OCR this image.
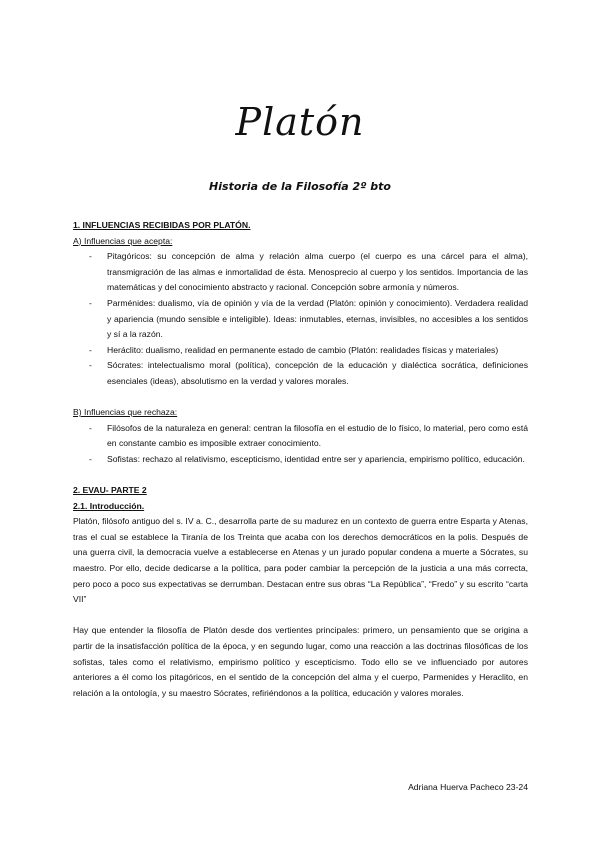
Platón
Historia de la Filosofía 2º bto
1. INFLUENCIAS RECIBIDAS POR PLATÓN.
A) Influencias que acepta:
- Pitagóricos: su concepción de alma y relación alma cuerpo (el cuerpo es una cárcel para el alma), transmigración de las almas e inmortalidad de ésta. Menosprecio al cuerpo y los sentidos. Importancia de las matemáticas y del conocimiento abstracto y racional. Concepción sobre armonía y números.
- Parménides: dualismo, vía de opinión y vía de la verdad (Platón: opinión y conocimiento). Verdadera realidad y apariencia (mundo sensible e inteligible). Ideas: inmutables, eternas, invisibles, no accesibles a los sentidos y sí a la razón.
- Heráclito: dualismo, realidad en permanente estado de cambio (Platón: realidades físicas y materiales)
- Sócrates: intelectualismo moral (política), concepción de la educación y dialéctica socrática, definiciones esenciales (ideas), absolutismo en la verdad y valores morales.
B) Influencias que rechaza:
- Filósofos de la naturaleza en general: centran la filosofía en el estudio de lo físico, lo material, pero como está en constante cambio es imposible extraer conocimiento.
- Sofistas: rechazo al relativismo, escepticismo, identidad entre ser y apariencia, empirismo político, educación.
2. EVAU- PARTE 2
2.1. Introducción.

Platón, filósofo antiguo del s. IV a. C., desarrolla parte de su madurez en un contexto de guerra entre Esparta y Atenas, tras el cual se establece la Tiranía de los Treinta que acaba con los derechos democráticos en la polis. Después de una guerra civil, la democracia vuelve a establecerse en Atenas y un jurado popular condena a muerte a Sócrates, su maestro. Por ello, decide dedicarse a la política, para poder cambiar la percepción de la justicia a una más correcta, pero poco a poco sus expectativas se derrumban. Destacan entre sus obras “La República”, “Fredo” y su escrito “carta VII”

Hay que entender la filosofía de Platón desde dos vertientes principales: primero, un pensamiento que se origina a partir de la insatisfacción política de la época, y en segundo lugar, como una reacción a las doctrinas filosóficas de los sofistas, tales como el relativismo, empirismo político y escepticismo. Todo ello se ve influenciado por autores anteriores a él como los pitagóricos, en el sentido de la concepción del alma y el cuerpo, Parmenides y Heraclito, en relación a la ontología, y su maestro Sócrates, refiriéndonos a la política, educación y valores morales.

Adriana Huerva Pacheco 23-24
